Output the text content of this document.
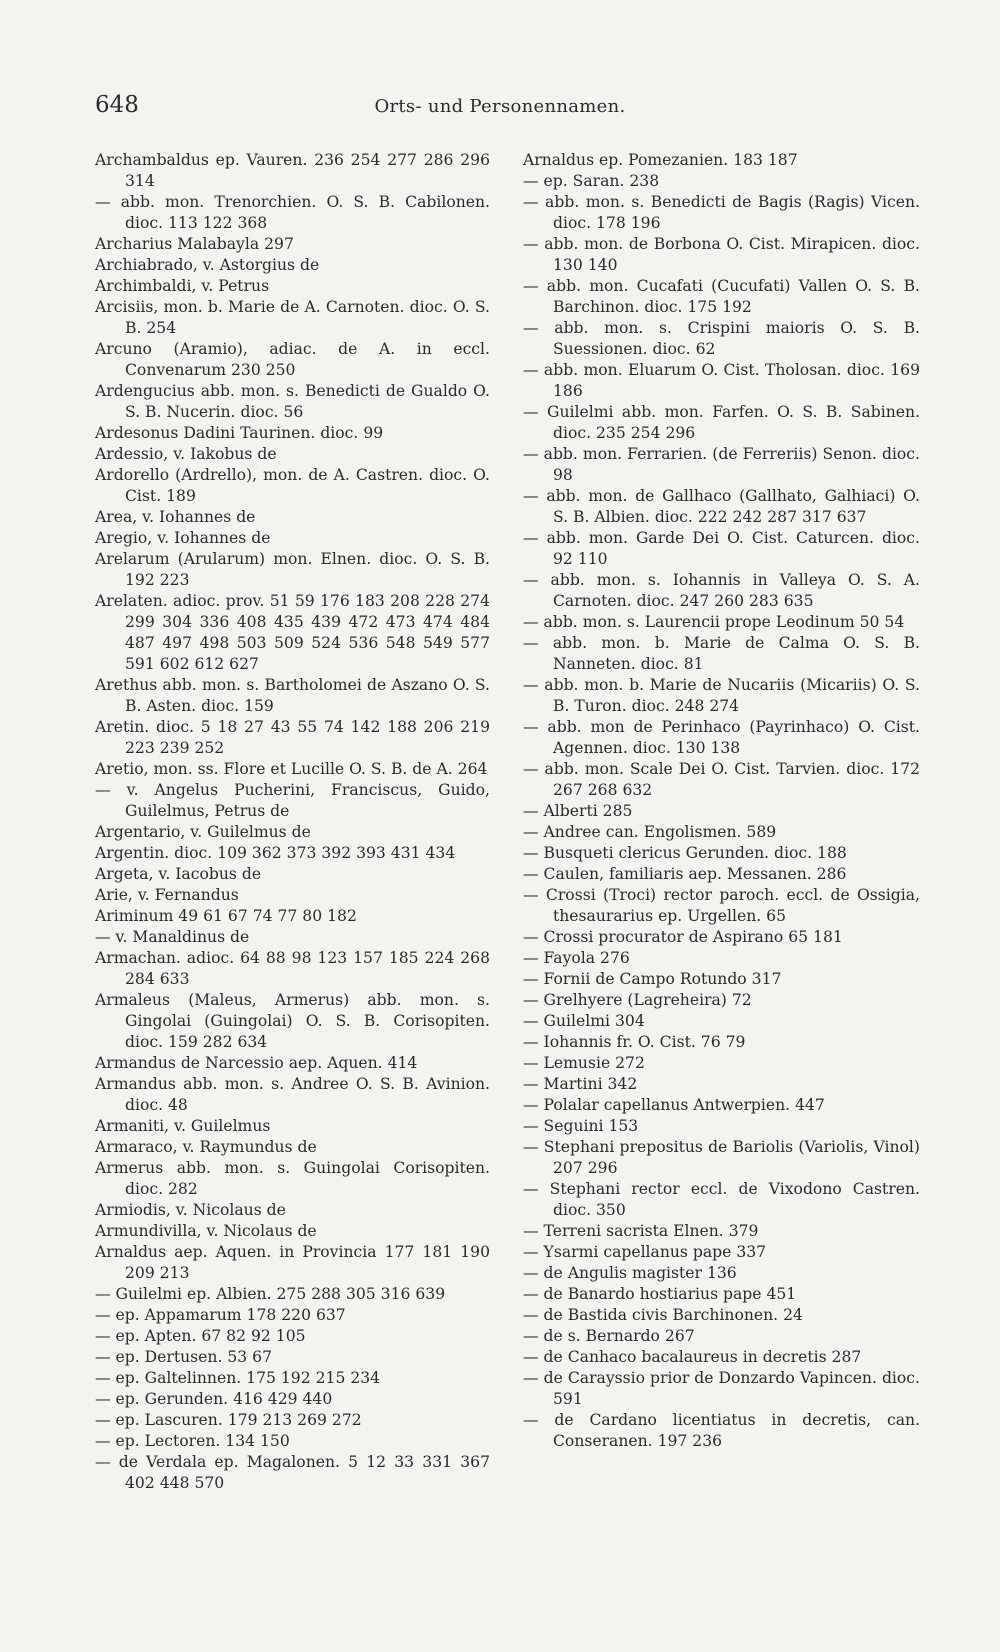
648	Orts- und Personennamen.
Archambaldus ep. Vauren. 236 254 277 286 296 314
— abb. mon. Trenorchien. O. S. B. Cabilonen. dioc. 113 122 368
Archarius Malabayla 297
Archiabrado, v. Astorgius de
Archimbaldi, v. Petrus
Arcisiis, mon. b. Marie de A. Carnoten. dioc. O. S. B. 254
Arcuno (Aramio), adiac. de A. in eccl. Convenarum 230 250
Ardengucius abb. mon. s. Benedicti de Gualdo O. S. B. Nucerin. dioc. 56
Ardesonus Dadini Taurinen. dioc. 99
Ardessio, v. Iakobus de
Ardorello (Ardrello), mon. de A. Castren. dioc. O. Cist. 189
Area, v. Iohannes de
Aregio, v. Iohannes de
Arelarum (Arularum) mon. Elnen. dioc. O. S. B. 192 223
Arelaten. adioc. prov. 51 59 176 183 208 228 274 299 304 336 408 435 439 472 473 474 484 487 497 498 503 509 524 536 548 549 577 591 602 612 627
Arethus abb. mon. s. Bartholomei de Aszano O. S. B. Asten. dioc. 159
Aretin. dioc. 5 18 27 43 55 74 142 188 206 219 223 239 252
Aretio, mon. ss. Flore et Lucille O. S. B. de A. 264
— v. Angelus Pucherini, Franciscus, Guido, Guilelmus, Petrus de
Argentario, v. Guilelmus de
Argentin. dioc. 109 362 373 392 393 431 434
Argeta, v. Iacobus de
Arie, v. Fernandus
Ariminum 49 61 67 74 77 80 182
— v. Manaldinus de
Armachan. adioc. 64 88 98 123 157 185 224 268 284 633
Armaleus (Maleus, Armerus) abb. mon. s. Gingolai (Guingolai) O. S. B. Corisopiten. dioc. 159 282 634
Armandus de Narcessio aep. Aquen. 414
Armandus abb. mon. s. Andree O. S. B. Avinion. dioc. 48
Armaniti, v. Guilelmus
Armaraco, v. Raymundus de
Armerus abb. mon. s. Guingolai Corisopiten. dioc. 282
Armiodis, v. Nicolaus de
Armundivilla, v. Nicolaus de
Arnaldus aep. Aquen. in Provincia 177 181 190 209 213
— Guilelmi ep. Albien. 275 288 305 316 639
— ep. Appamarum 178 220 637
— ep. Apten. 67 82 92 105
— ep. Dertusen. 53 67
— ep. Galtelinnen. 175 192 215 234
— ep. Gerunden. 416 429 440
— ep. Lascuren. 179 213 269 272
— ep. Lectoren. 134 150
— de Verdala ep. Magalonen. 5 12 33 331 367 402 448 570
Arnaldus ep. Pomezanien. 183 187
— ep. Saran. 238
— abb. mon. s. Benedicti de Bagis (Ragis) Vicen. dioc. 178 196
— abb. mon. de Borbona O. Cist. Mirapicen. dioc. 130 140
— abb. mon. Cucafati (Cucufati) Vallen O. S. B. Barchinon. dioc. 175 192
— abb. mon. s. Crispini maioris O. S. B. Suessionen. dioc. 62
— abb. mon. Eluarum O. Cist. Tholosan. dioc. 169 186
— Guilelmi abb. mon. Farfen. O. S. B. Sabinen. dioc. 235 254 296
— abb. mon. Ferrarien. (de Ferreriis) Senon. dioc. 98
— abb. mon. de Gallhaco (Gallhato, Galhiaci) O. S. B. Albien. dioc. 222 242 287 317 637
— abb. mon. Garde Dei O. Cist. Caturcen. dioc. 92 110
— abb. mon. s. Iohannis in Valleya O. S. A. Carnoten. dioc. 247 260 283 635
— abb. mon. s. Laurencii prope Leodinum 50 54
— abb. mon. b. Marie de Calma O. S. B. Nanneten. dioc. 81
— abb. mon. b. Marie de Nucariis (Micariis) O. S. B. Turon. dioc. 248 274
— abb. mon de Perinhaco (Payrinhaco) O. Cist. Agennen. dioc. 130 138
— abb. mon. Scale Dei O. Cist. Tarvien. dioc. 172 267 268 632
— Alberti 285
— Andree can. Engolismen. 589
— Busqueti clericus Gerunden. dioc. 188
— Caulen, familiaris aep. Messanen. 286
— Crossi (Troci) rector paroch. eccl. de Ossigia, thesaurarius ep. Urgellen. 65
— Crossi procurator de Aspirano 65 181
— Fayola 276
— Fornii de Campo Rotundo 317
— Grelhyere (Lagreheira) 72
— Guilelmi 304
— Iohannis fr. O. Cist. 76 79
— Lemusie 272
— Martini 342
— Polalar capellanus Antwerpien. 447
— Seguini 153
— Stephani prepositus de Bariolis (Variolis, Vinol) 207 296
— Stephani rector eccl. de Vixodono Castren. dioc. 350
— Terreni sacrista Elnen. 379
— Ysarmi capellanus pape 337
— de Angulis magister 136
— de Banardo hostiarius pape 451
— de Bastida civis Barchinonen. 24
— de s. Bernardo 267
— de Canhaco bacalaureus in decretis 287
— de Carayssio prior de Donzardo Vapincen. dioc. 591
— de Cardano licentiatus in decretis, can. Conseranen. 197 236
